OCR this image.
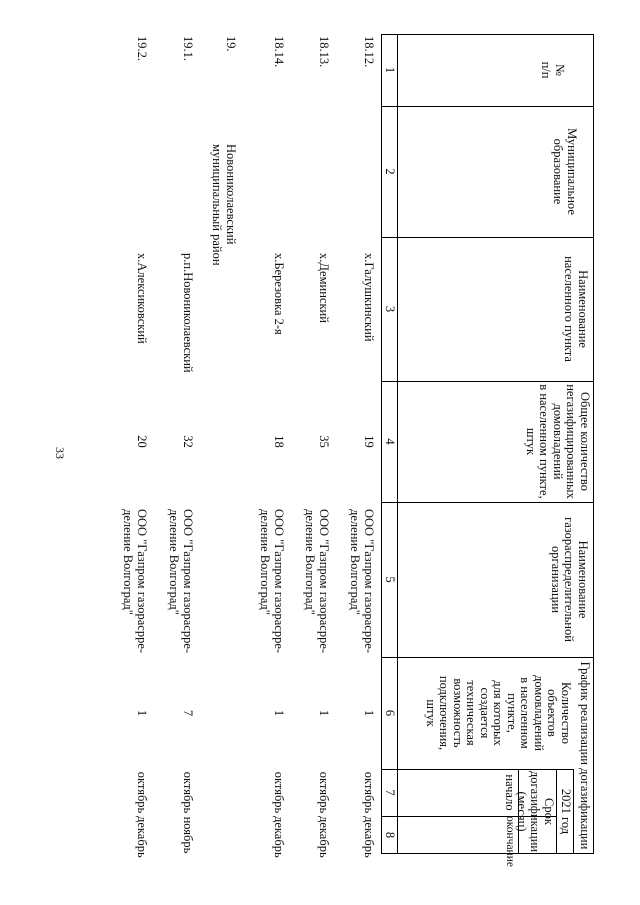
33
№
п/п
Муниципальное
образование
Наименование
населенного пункта
Общее количество
негазифицированных
домовладений
в населенном пункте,
штук
Наименование
газораспределительной
организации
График реализации догазификации
Количество
объектов
домовладений
в населенном
пункте,
для которых
создается
техническая
возможность
подключения,
штук
2021 год
Срок догазификации
(месяц)
начало
окончание
1
2
3
4
5
6
7
8
18.12.
х.Галушкинский
19
ООО "Газпром газорасpре-
деление Волгоград"
1
октябрь
декабрь
18.13.
х.Деминский
35
ООО "Газпром газорасpре-
деление Волгоград"
1
октябрь
декабрь
18.14.
х.Березовка 2-я
18
ООО "Газпром газорасpре-
деление Волгоград"
1
октябрь
декабрь
19.
Новониколаевский
муниципальный район
19.1.
р.п.Новониколаевский
32
ООО "Газпром газорасpре-
деление Волгоград"
7
октябрь
ноябрь
19.2.
х.Алексиковский
20
ООО "Газпром газорасpре-
деление Волгоград"
1
октябрь
декабрь
